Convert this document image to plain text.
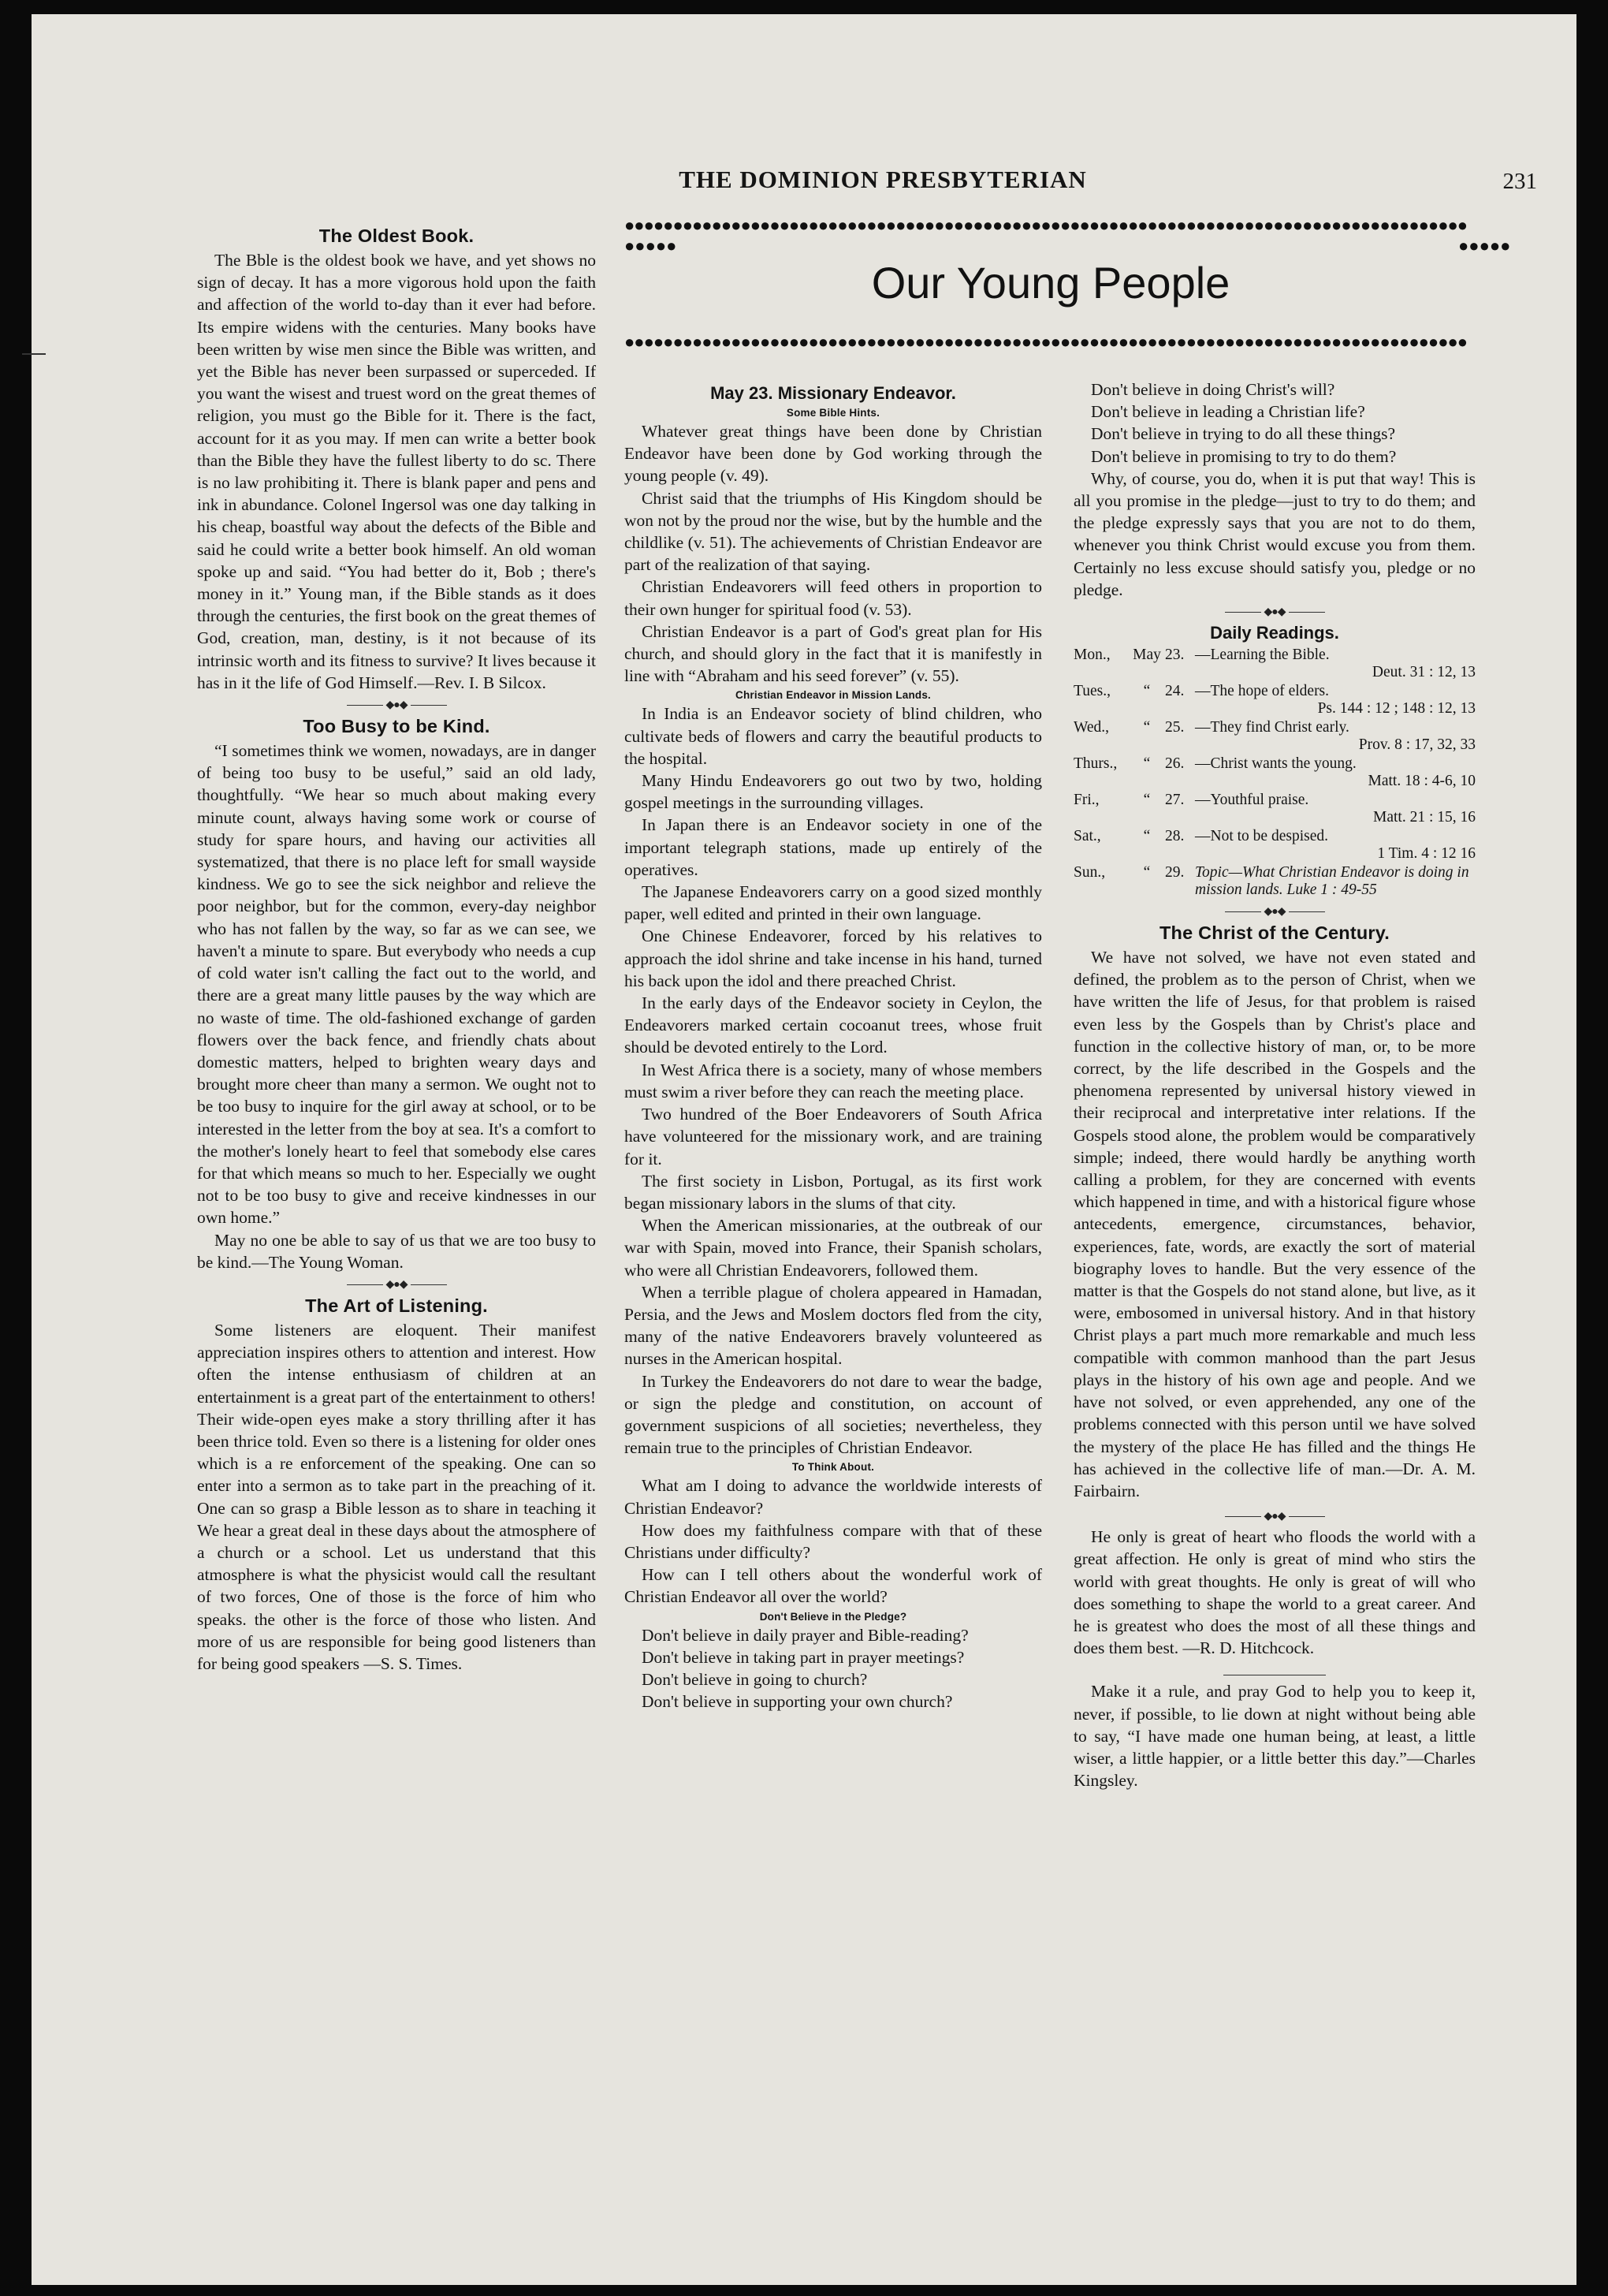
THE DOMINION PRESBYTERIAN	231
●●●●●●●●●●●●●●●●●●●●●●●●●●●●●●●●●●●●●●●●●●●●●●●●●●●●●●●●●●●●●●●●●●●●●●●●●●●●●●●●●●●●●●●
●●●●●	●●●●●
Our Young People
●●●●●●●●●●●●●●●●●●●●●●●●●●●●●●●●●●●●●●●●●●●●●●●●●●●●●●●●●●●●●●●●●●●●●●●●●●●●●●●●●●●●●●●
The Oldest Book.

The Bble is the oldest book we have, and yet shows no sign of decay. It has a more vigorous hold upon the faith and affection of the world to-day than it ever had before. Its empire widens with the centuries. Many books have been written by wise men since the Bible was written, and yet the Bible has never been surpassed or superceded. If you want the wisest and truest word on the great themes of religion, you must go the Bible for it. There is the fact, account for it as you may. If men can write a better book than the Bible they have the fullest liberty to do sc. There is no law prohibiting it. There is blank paper and pens and ink in abundance. Colonel Ingersol was one day talking in his cheap, boastful way about the defects of the Bible and said he could write a better book himself. An old woman spoke up and said. “You had better do it, Bob ; there's money in it.” Young man, if the Bible stands as it does through the centuries, the first book on the great themes of God, creation, man, destiny, is it not because of its intrinsic worth and its fitness to survive? It lives because it has in it the life of God Himself.—Rev. I. B Silcox.

◆●◆
Too Busy to be Kind.

“I sometimes think we women, nowadays, are in danger of being too busy to be useful,” said an old lady, thoughtfully. “We hear so much about making every minute count, always having some work or course of study for spare hours, and having our activities all systematized, that there is no place left for small wayside kindness. We go to see the sick neighbor and relieve the poor neighbor, but for the common, every-day neighbor who has not fallen by the way, so far as we can see, we haven't a minute to spare. But everybody who needs a cup of cold water isn't calling the fact out to the world, and there are a great many little pauses by the way which are no waste of time. The old-fashioned exchange of garden flowers over the back fence, and friendly chats about domestic matters, helped to brighten weary days and brought more cheer than many a sermon. We ought not to be too busy to inquire for the girl away at school, or to be interested in the letter from the boy at sea. It's a comfort to the mother's lonely heart to feel that somebody else cares for that which means so much to her. Especially we ought not to be too busy to give and receive kindnesses in our own home.”

May no one be able to say of us that we are too busy to be kind.—The Young Woman.

◆●◆
The Art of Listening.

Some listeners are eloquent. Their manifest appreciation inspires others to attention and interest. How often the intense enthusiasm of children at an entertainment is a great part of the entertainment to others! Their wide-open eyes make a story thrilling after it has been thrice told. Even so there is a listening for older ones which is a re enforcement of the speaking. One can so enter into a sermon as to take part in the preaching of it. One can so grasp a Bible lesson as to share in teaching it We hear a great deal in these days about the atmosphere of a church or a school. Let us understand that this atmosphere is what the physicist would call the resultant of two forces, One of those is the force of him who speaks. the other is the force of those who listen. And more of us are responsible for being good listeners than for being good speakers —S. S. Times.

May 23. Missionary Endeavor.
Some Bible Hints.

Whatever great things have been done by Christian Endeavor have been done by God working through the young people (v. 49).

Christ said that the triumphs of His Kingdom should be won not by the proud nor the wise, but by the humble and the childlike (v. 51). The achievements of Christian Endeavor are part of the realization of that saying.

Christian Endeavorers will feed others in proportion to their own hunger for spiritual food (v. 53).

Christian Endeavor is a part of God's great plan for His church, and should glory in the fact that it is manifestly in line with “Abraham and his seed forever” (v. 55).

Christian Endeavor in Mission Lands.

In India is an Endeavor society of blind children, who cultivate beds of flowers and carry the beautiful products to the hospital.

Many Hindu Endeavorers go out two by two, holding gospel meetings in the surrounding villages.

In Japan there is an Endeavor society in one of the important telegraph stations, made up entirely of the operatives.

The Japanese Endeavorers carry on a good sized monthly paper, well edited and printed in their own language.

One Chinese Endeavorer, forced by his relatives to approach the idol shrine and take incense in his hand, turned his back upon the idol and there preached Christ.

In the early days of the Endeavor society in Ceylon, the Endeavorers marked certain cocoanut trees, whose fruit should be devoted entirely to the Lord.

In West Africa there is a society, many of whose members must swim a river before they can reach the meeting place.

Two hundred of the Boer Endeavorers of South Africa have volunteered for the missionary work, and are training for it.

The first society in Lisbon, Portugal, as its first work began missionary labors in the slums of that city.

When the American missionaries, at the outbreak of our war with Spain, moved into France, their Spanish scholars, who were all Christian Endeavorers, followed them.

When a terrible plague of cholera appeared in Hamadan, Persia, and the Jews and Moslem doctors fled from the city, many of the native Endeavorers bravely volunteered as nurses in the American hospital.

In Turkey the Endeavorers do not dare to wear the badge, or sign the pledge and constitution, on account of government suspicions of all societies; nevertheless, they remain true to the principles of Christian Endeavor.

To Think About.

What am I doing to advance the worldwide interests of Christian Endeavor?

How does my faithfulness compare with that of these Christians under difficulty?

How can I tell others about the wonderful work of Christian Endeavor all over the world?

Don't Believe in the Pledge?

Don't believe in daily prayer and Bible-reading?

Don't believe in taking part in prayer meetings?

Don't believe in going to church?

Don't believe in supporting your own church?

Don't believe in doing Christ's will?

Don't believe in leading a Christian life?

Don't believe in trying to do all these things?

Don't believe in promising to try to do them?

Why, of course, you do, when it is put that way! This is all you promise in the pledge—just to try to do them; and the pledge expressly says that you are not to do them, whenever you think Christ would excuse you from them. Certainly no less excuse should satisfy you, pledge or no pledge.

◆●◆
Daily Readings.
Mon.,	May	23.	—Learning the Bible.
Deut. 31 : 12, 13			
Tues.,	“	24.	—The hope of elders.
Ps. 144 : 12 ; 148 : 12, 13			
Wed.,	“	25.	—They find Christ early.
Prov. 8 : 17, 32, 33			
Thurs.,	“	26.	—Christ wants the young.
Matt. 18 : 4-6, 10			
Fri.,	“	27.	—Youthful praise.
Matt. 21 : 15, 16			
Sat.,	“	28.	—Not to be despised.
1 Tim. 4 : 12 16			
Sun.,	“	29.	Topic—What Christian Endeavor is doing in mission lands. Luke 1 : 49-55

◆●◆
The Christ of the Century.

We have not solved, we have not even stated and defined, the problem as to the person of Christ, when we have written the life of Jesus, for that problem is raised even less by the Gospels than by Christ's place and function in the collective history of man, or, to be more correct, by the life described in the Gospels and the phenomena represented by universal history viewed in their reciprocal and interpretative inter relations. If the Gospels stood alone, the problem would be comparatively simple; indeed, there would hardly be anything worth calling a problem, for they are concerned with events which happened in time, and with a historical figure whose antecedents, emergence, circumstances, behavior, experiences, fate, words, are exactly the sort of material biography loves to handle. But the very essence of the matter is that the Gospels do not stand alone, but live, as it were, embosomed in universal history. And in that history Christ plays a part much more remarkable and much less compatible with common manhood than the part Jesus plays in the history of his own age and people. And we have not solved, or even apprehended, any one of the problems connected with this person until we have solved the mystery of the place He has filled and the things He has achieved in the collective life of man.—Dr. A. M. Fairbairn.

◆●◆

He only is great of heart who floods the world with a great affection. He only is great of mind who stirs the world with great thoughts. He only is great of will who does something to shape the world to a great career. And he is greatest who does the most of all these things and does them best. —R. D. Hitchcock.

Make it a rule, and pray God to help you to keep it, never, if possible, to lie down at night without being able to say, “I have made one human being, at least, a little wiser, a little happier, or a little better this day.”—Charles Kingsley.
